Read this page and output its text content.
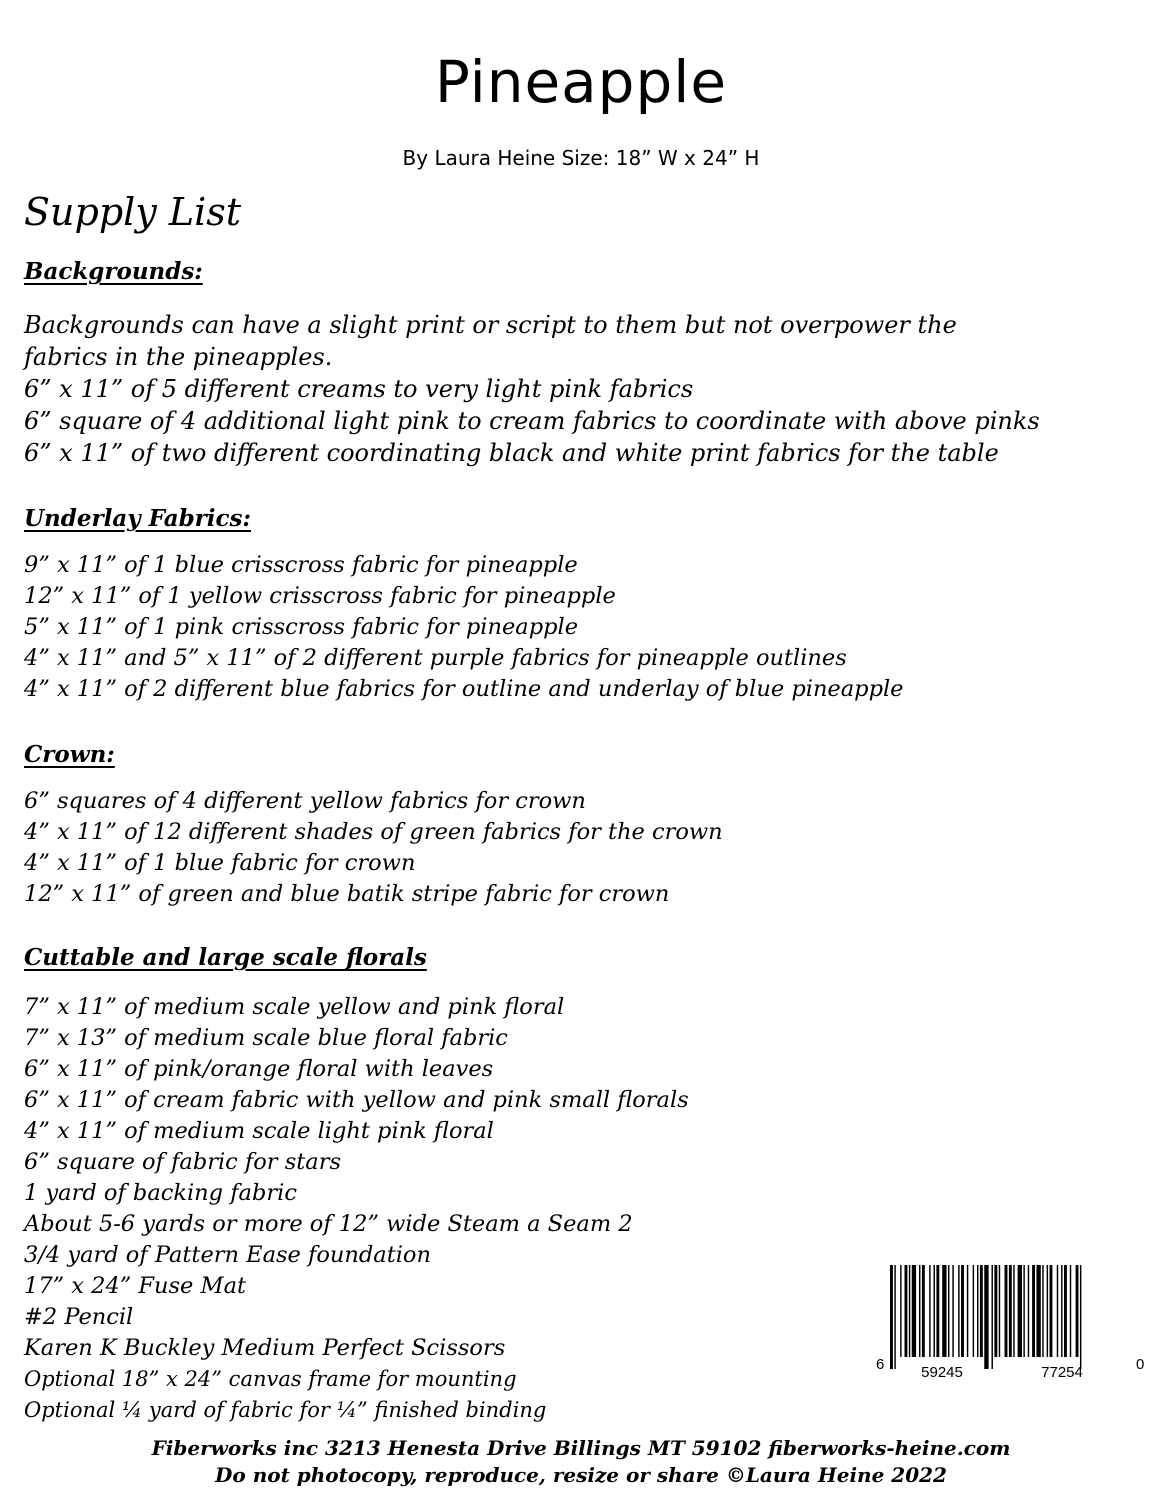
Pineapple
By Laura Heine Size: 18” W x 24” H
Supply List
Backgrounds:
Backgrounds can have a slight print or script to them but not overpower the
fabrics in the pineapples.
6” x 11” of 5 different creams to very light pink fabrics
6” square of 4 additional light pink to cream fabrics to coordinate with above pinks
6” x 11” of two different coordinating black and white print fabrics for the table
Underlay Fabrics:
9” x 11” of 1 blue crisscross fabric for pineapple
12” x 11” of 1 yellow crisscross fabric for pineapple
5” x 11” of 1 pink crisscross fabric for pineapple
4” x 11” and 5” x 11” of 2 different purple fabrics for pineapple outlines
4” x 11” of 2 different blue fabrics for outline and underlay of blue pineapple
Crown:
6” squares of 4 different yellow fabrics for crown
4” x 11” of 12 different shades of green fabrics for the crown
4” x 11” of 1 blue fabric for crown
12” x 11” of green and blue batik stripe fabric for crown
Cuttable and large scale florals
7” x 11” of medium scale yellow and pink floral
7” x 13” of medium scale blue floral fabric
6” x 11” of pink/orange floral with leaves
6” x 11” of cream fabric with yellow and pink small florals
4” x 11” of medium scale light pink floral
6” square of fabric for stars
1 yard of backing fabric
About 5-6 yards or more of 12” wide Steam a Seam 2
3/4 yard of Pattern Ease foundation
17” x 24” Fuse Mat
#2 Pencil
Karen K Buckley Medium Perfect Scissors
Optional 18” x 24” canvas frame for mounting
Optional ¼ yard of fabric for ¼” finished binding
6 59245	77254	0
Fiberworks inc 3213 Henesta Drive Billings MT 59102 fiberworks-heine.com
Do not photocopy, reproduce, resize or share ©Laura Heine 2022
